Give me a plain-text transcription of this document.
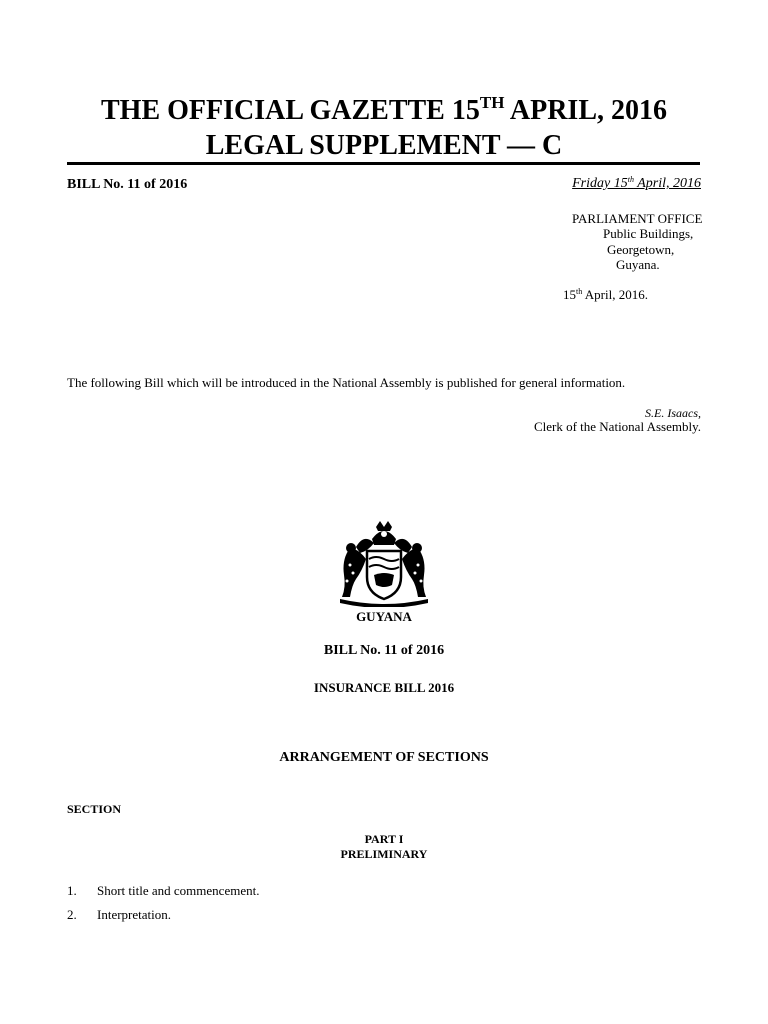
THE OFFICIAL GAZETTE 15TH APRIL, 2016
LEGAL SUPPLEMENT — C
BILL No. 11 of 2016	Friday 15th April, 2016
PARLIAMENT OFFICE
Public Buildings,
Georgetown,
Guyana.
15th April, 2016.
The following Bill which will be introduced in the National Assembly is published for general information.
S.E. Isaacs,
Clerk of the National Assembly.
GUYANA
BILL No. 11 of 2016
INSURANCE BILL 2016
ARRANGEMENT OF SECTIONS
SECTION
PART I
PRELIMINARY
1. Short title and commencement.
2. Interpretation.
